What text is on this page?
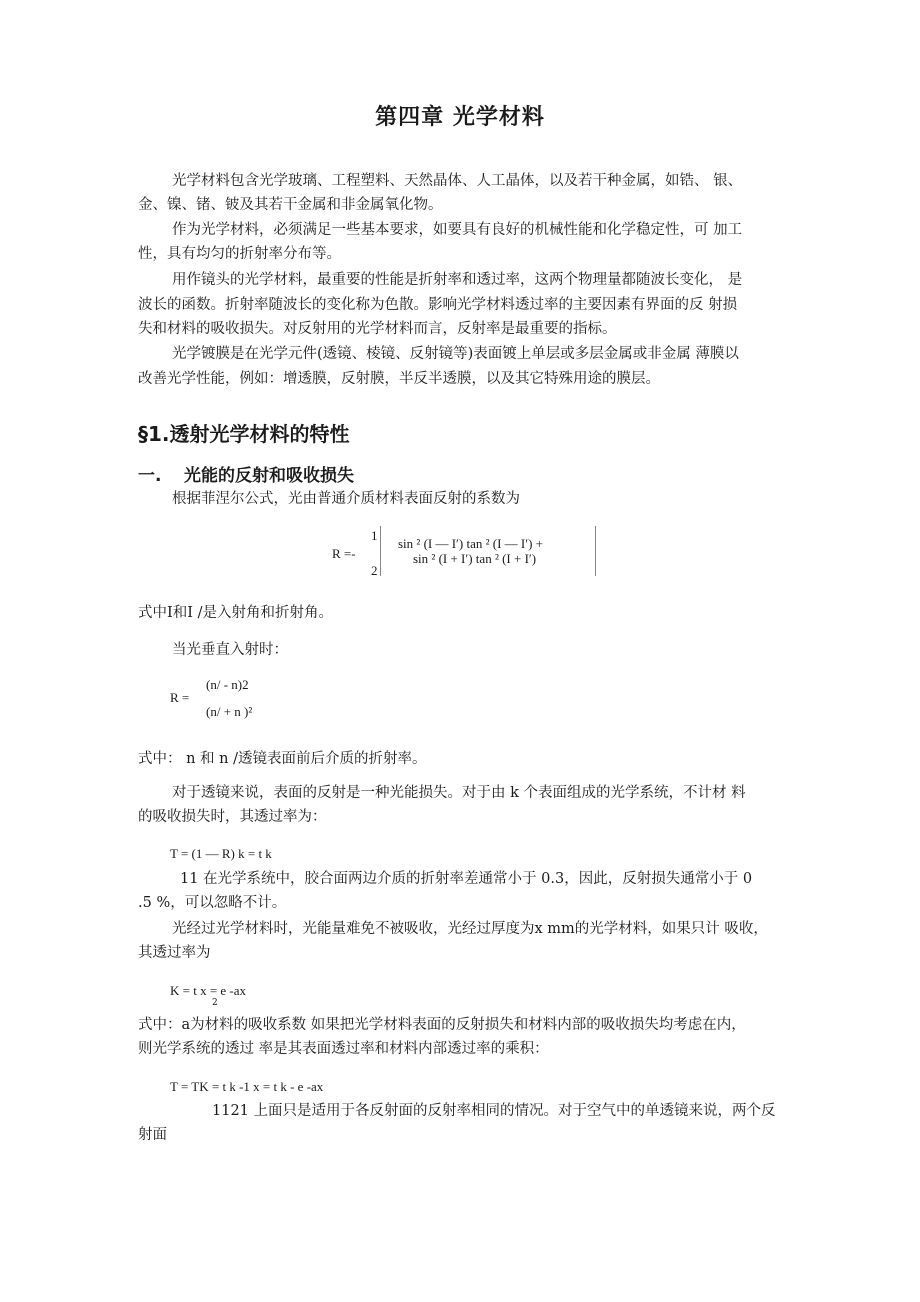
第四章 光学材料
光学材料包含光学玻璃、工程塑料、天然晶体、人工晶体，以及若干种金属，如锆、 银、
金、镍、锗、铍及其若干金属和非金属氧化物。
作为光学材料，必须满足一些基本要求，如要具有良好的机械性能和化学稳定性，可 加工
性，具有均匀的折射率分布等。
用作镜头的光学材料，最重要的性能是折射率和透过率，这两个物理量都随波长变化， 是
波长的函数。折射率随波长的变化称为色散。影响光学材料透过率的主要因素有界面的反 射损
失和材料的吸收损失。对反射用的光学材料而言，反射率是最重要的指标。
光学镀膜是在光学元件(透镜、棱镜、反射镜等)表面镀上单层或多层金属或非金属 薄膜以
改善光学性能，例如：增透膜，反射膜，半反半透膜，以及其它特殊用途的膜层。
§1.透射光学材料的特性
一. 光能的反射和吸收损失
根据菲涅尔公式，光由普通介质材料表面反射的系数为
R =-
1
2
sin ² (I — I′) tan ² (I — I′) +
sin ² (I + I′) tan ² (I + I′)
式中I和I /是入射角和折射角。
当光垂直入射时：
R =
(n/ - n)2
(n/ + n )²
式中： n 和 n /透镜表面前后介质的折射率。
对于透镜来说，表面的反射是一种光能损失。对于由 k 个表面组成的光学系统，不计材 料
的吸收损失时，其透过率为：
T = (1 — R) k = t k
11 在光学系统中，胶合面两边介质的折射率差通常小于 0.3，因此，反射损失通常小于 0
.5 %，可以忽略不计。
光经过光学材料时，光能量难免不被吸收，光经过厚度为x mm的光学材料，如果只计 吸收，
其透过率为
K = t x = e -ax
2
式中：a为材料的吸收系数 如果把光学材料表面的反射损失和材料内部的吸收损失均考虑在内，
则光学系统的透过 率是其表面透过率和材料内部透过率的乘积：
T = TK = t k -1 x = t k - e -ax
1121 上面只是适用于各反射面的反射率相同的情况。对于空气中的单透镜来说，两个反
射面
